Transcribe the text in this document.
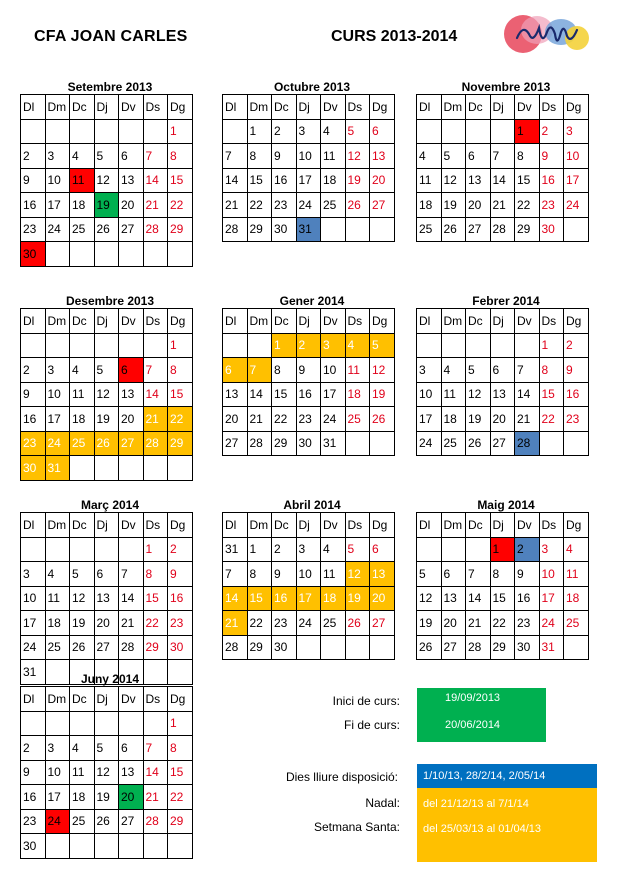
CFA JOAN CARLES	CURS 2013-2014
Setembre 2013
Dl	Dm	Dc	Dj	Dv	Ds	Dg
						1
2	3	4	5	6	7	8
9	10	11	12	13	14	15
16	17	18	19	20	21	22
23	24	25	26	27	28	29
30						
Octubre 2013
Dl	Dm	Dc	Dj	Dv	Ds	Dg
	1	2	3	4	5	6
7	8	9	10	11	12	13
14	15	16	17	18	19	20
21	22	23	24	25	26	27
28	29	30	31			
Novembre 2013
Dl	Dm	Dc	Dj	Dv	Ds	Dg
				1	2	3
4	5	6	7	8	9	10
11	12	13	14	15	16	17
18	19	20	21	22	23	24
25	26	27	28	29	30	
Desembre 2013
Dl	Dm	Dc	Dj	Dv	Ds	Dg
						1
2	3	4	5	6	7	8
9	10	11	12	13	14	15
16	17	18	19	20	21	22
23	24	25	26	27	28	29
30	31					
Gener 2014
Dl	Dm	Dc	Dj	Dv	Ds	Dg
		1	2	3	4	5
6	7	8	9	10	11	12
13	14	15	16	17	18	19
20	21	22	23	24	25	26
27	28	29	30	31		
Febrer 2014
Dl	Dm	Dc	Dj	Dv	Ds	Dg
					1	2
3	4	5	6	7	8	9
10	11	12	13	14	15	16
17	18	19	20	21	22	23
24	25	26	27	28		
Març 2014
Dl	Dm	Dc	Dj	Dv	Ds	Dg
					1	2
3	4	5	6	7	8	9
10	11	12	13	14	15	16
17	18	19	20	21	22	23
24	25	26	27	28	29	30
31						
Abril 2014
Dl	Dm	Dc	Dj	Dv	Ds	Dg
31	1	2	3	4	5	6
7	8	9	10	11	12	13
14	15	16	17	18	19	20
21	22	23	24	25	26	27
28	29	30				
Maig 2014
Dl	Dm	Dc	Dj	Dv	Ds	Dg
			1	2	3	4
5	6	7	8	9	10	11
12	13	14	15	16	17	18
19	20	21	22	23	24	25
26	27	28	29	30	31	
Juny 2014
Dl	Dm	Dc	Dj	Dv	Ds	Dg
						1
2	3	4	5	6	7	8
9	10	11	12	13	14	15
16	17	18	19	20	21	22
23	24	25	26	27	28	29
30						
Inici de curs:	19/09/2013
Fi de curs:	20/06/2014
Dies lliure disposició:	1/10/13, 28/2/14, 2/05/14
Nadal:	del 21/12/13 al 7/1/14
Setmana Santa:	del 25/03/13 al 01/04/13
